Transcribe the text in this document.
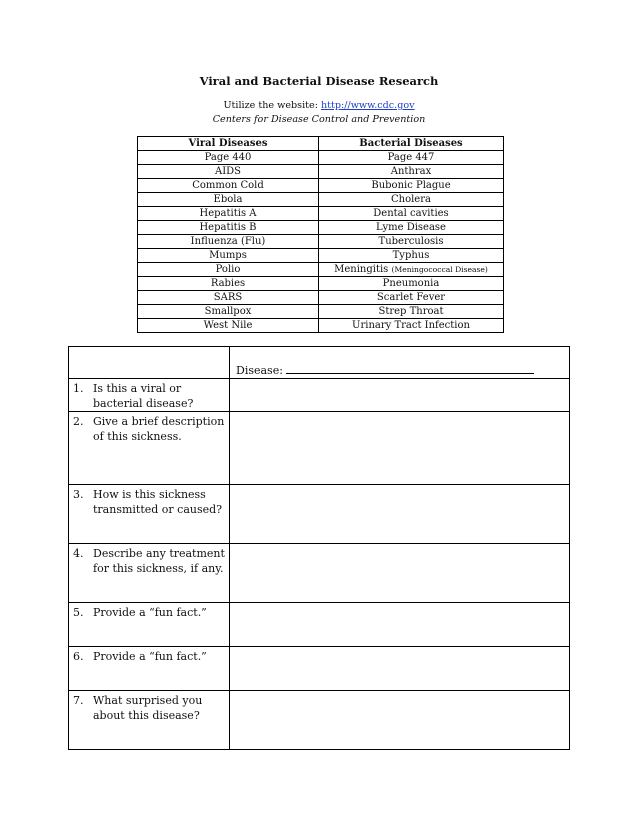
Viral and Bacterial Disease Research
Utilize the website: http://www.cdc.gov
Centers for Disease Control and Prevention
Viral Diseases	Bacterial Diseases
Page 440	Page 447
AIDS	Anthrax
Common Cold	Bubonic Plague
Ebola	Cholera
Hepatitis A	Dental cavities
Hepatitis B	Lyme Disease
Influenza (Flu)	Tuberculosis
Mumps	Typhus
Polio	Meningitis (Meningococcal Disease)
Rabies	Pneumonia
SARS	Scarlet Fever
Smallpox	Strep Throat
West Nile	Urinary Tract Infection

	Disease:

1. Is this a viral or bacterial disease?	

2. Give a brief description of this sickness.	

3. How is this sickness transmitted or caused?	

4. Describe any treatment for this sickness, if any.	

5. Provide a “fun fact.”	

6. Provide a “fun fact.”	

7. What surprised you about this disease?	
